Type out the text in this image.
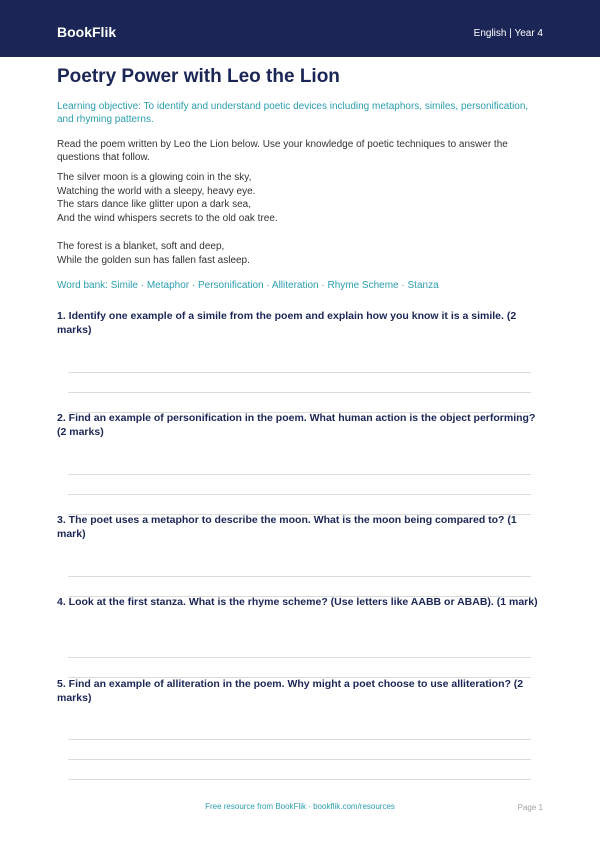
BookFlik	English | Year 4
Poetry Power with Leo the Lion

Learning objective: To identify and understand poetic devices including metaphors, similes, personification, and rhyming patterns.

Read the poem written by Leo the Lion below. Use your knowledge of poetic techniques to answer the questions that follow.

The silver moon is a glowing coin in the sky,
Watching the world with a sleepy, heavy eye.
The stars dance like glitter upon a dark sea,
And the wind whispers secrets to the old oak tree.
The forest is a blanket, soft and deep,
While the golden sun has fallen fast asleep.
Word bank: Simile · Metaphor · Personification · Alliteration · Rhyme Scheme · Stanza

1. Identify one example of a simile from the poem and explain how you know it is a simile. (2 marks)

2. Find an example of personification in the poem. What human action is the object performing? (2 marks)

3. The poet uses a metaphor to describe the moon. What is the moon being compared to? (1 mark)

4. Look at the first stanza. What is the rhyme scheme? (Use letters like AABB or ABAB). (1 mark)

5. Find an example of alliteration in the poem. Why might a poet choose to use alliteration? (2 marks)

Free resource from BookFlik · bookflik.com/resources	Page 1
